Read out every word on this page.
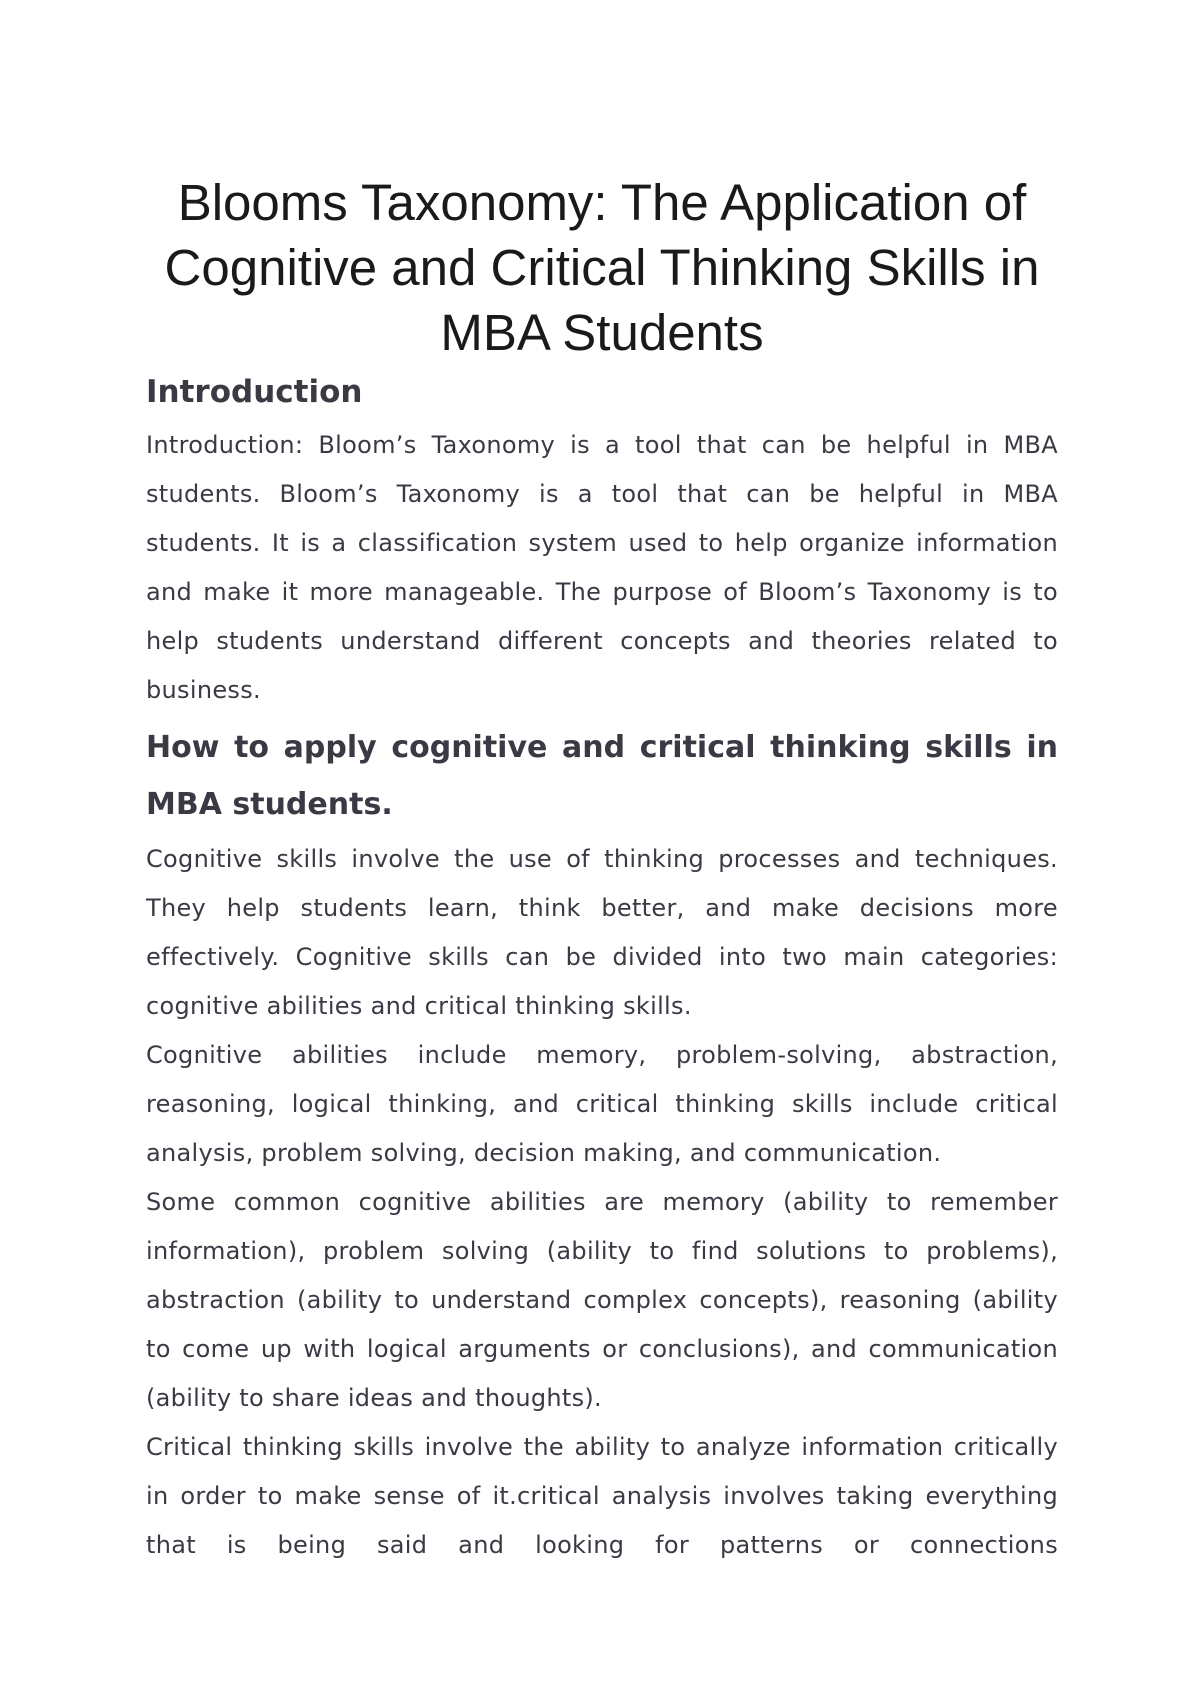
Blooms Taxonomy: The Application of Cognitive and Critical Thinking Skills in MBA Students
Introduction

Introduction: Bloom’s Taxonomy is a tool that can be helpful in MBA students. Bloom’s Taxonomy is a tool that can be helpful in MBA students. It is a classification system used to help organize information and make it more manageable. The purpose of Bloom’s Taxonomy is to help students understand different concepts and theories related to business.

How to apply cognitive and critical thinking skills in MBA students.

Cognitive skills involve the use of thinking processes and techniques. They help students learn, think better, and make decisions more effectively. Cognitive skills can be divided into two main categories: cognitive abilities and critical thinking skills.

Cognitive abilities include memory, problem-solving, abstraction, reasoning, logical thinking, and critical thinking skills include critical analysis, problem solving, decision making, and communication.

Some common cognitive abilities are memory (ability to remember information), problem solving (ability to find solutions to problems), abstraction (ability to understand complex concepts), reasoning (ability to come up with logical arguments or conclusions), and communication (ability to share ideas and thoughts).

Critical thinking skills involve the ability to analyze information critically in order to make sense of it.critical analysis involves taking everything that is being said and looking for patterns or connections
